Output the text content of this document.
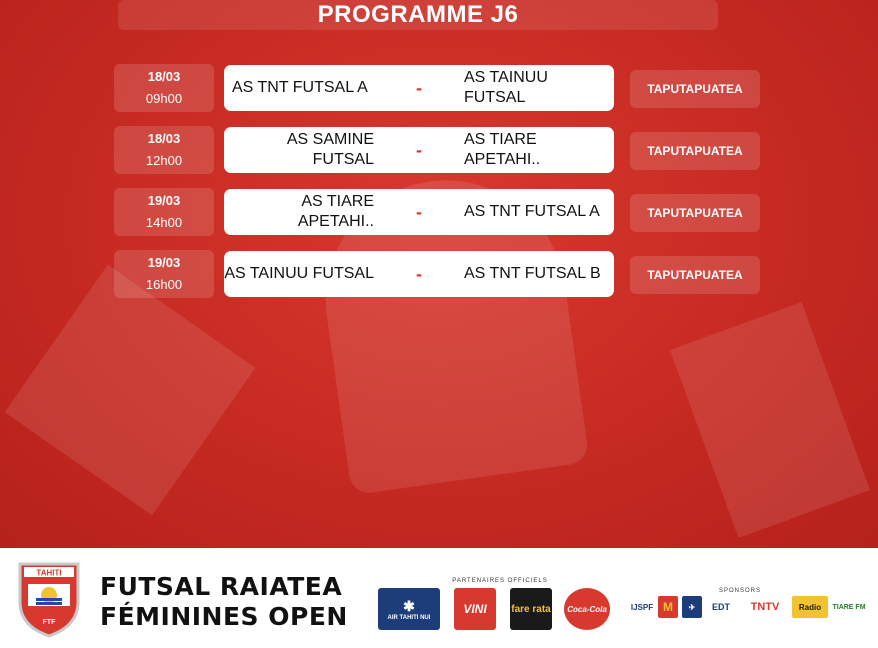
PROGRAMME J6
18/03
09h00
AS TNT FUTSAL A	-	AS TAINUU FUTSAL	TAPUTAPUATEA
18/03
12h00
AS SAMINE FUTSAL -	AS TIARE APETAHI..	TAPUTAPUATEA
19/03
14h00
AS TIARE APETAHI.. -	AS TNT FUTSAL A	TAPUTAPUATEA
19/03
16h00
AS TAINUU FUTSAL -	AS TNT FUTSAL B	TAPUTAPUATEA
TAHITI
FTF
FUTSAL RAIATEA
FÉMININES OPEN
PARTENAIRES OFFICIELS
✱
AIR TAHITI NUI
VINI fare rata Coca-Cola
SPONSORS
IJSPF M	✈	EDT TNTV Radio TIARE FM
